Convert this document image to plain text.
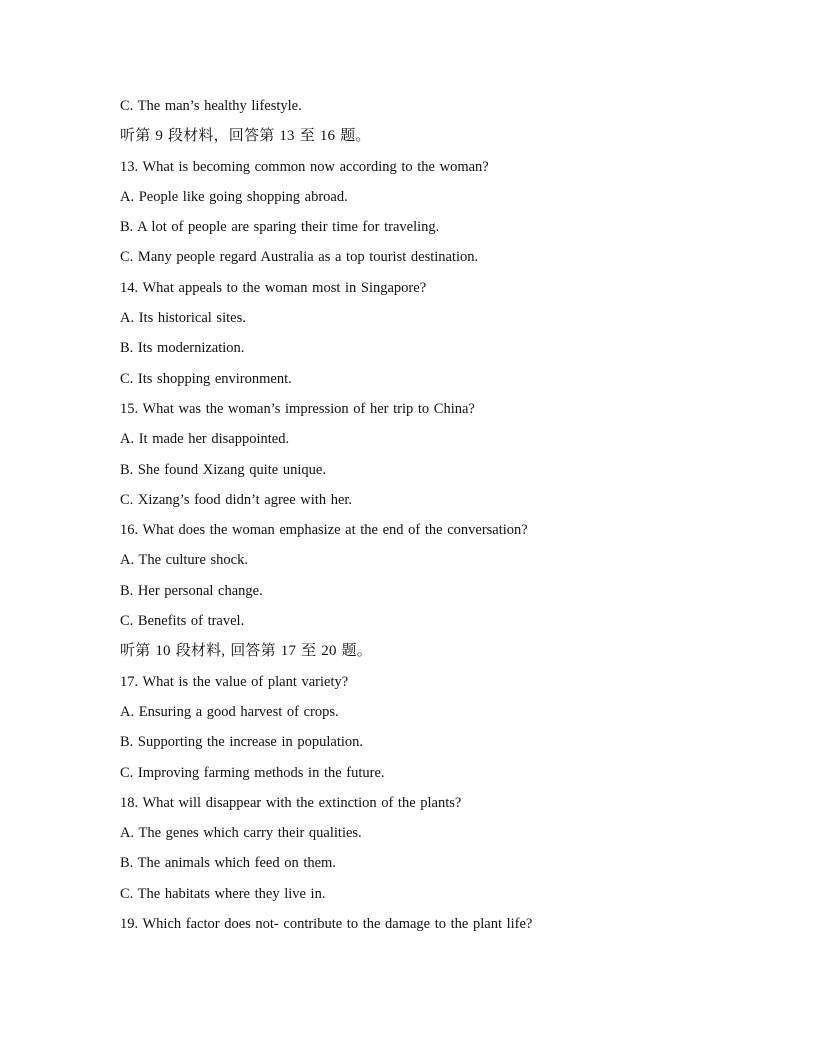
C. The man’s healthy lifestyle.
听第 9 段材料，回答第 13 至 16 题。
13. What is becoming common now according to the woman?
A. People like going shopping abroad.
B. A lot of people are sparing their time for traveling.
C. Many people regard Australia as a top tourist destination.
14. What appeals to the woman most in Singapore?
A. Its historical sites.
B. Its modernization.
C. Its shopping environment.
15. What was the woman’s impression of her trip to China?
A. It made her disappointed.
B. She found Xizang quite unique.
C. Xizang’s food didn’t agree with her.
16. What does the woman emphasize at the end of the conversation?
A. The culture shock.
B. Her personal change.
C. Benefits of travel.
听第 10 段材料, 回答第 17 至 20 题。
17. What is the value of plant variety?
A. Ensuring a good harvest of crops.
B. Supporting the increase in population.
C. Improving farming methods in the future.
18. What will disappear with the extinction of the plants?
A. The genes which carry their qualities.
B. The animals which feed on them.
C. The habitats where they live in.
19. Which factor does not- contribute to the damage to the plant life?
